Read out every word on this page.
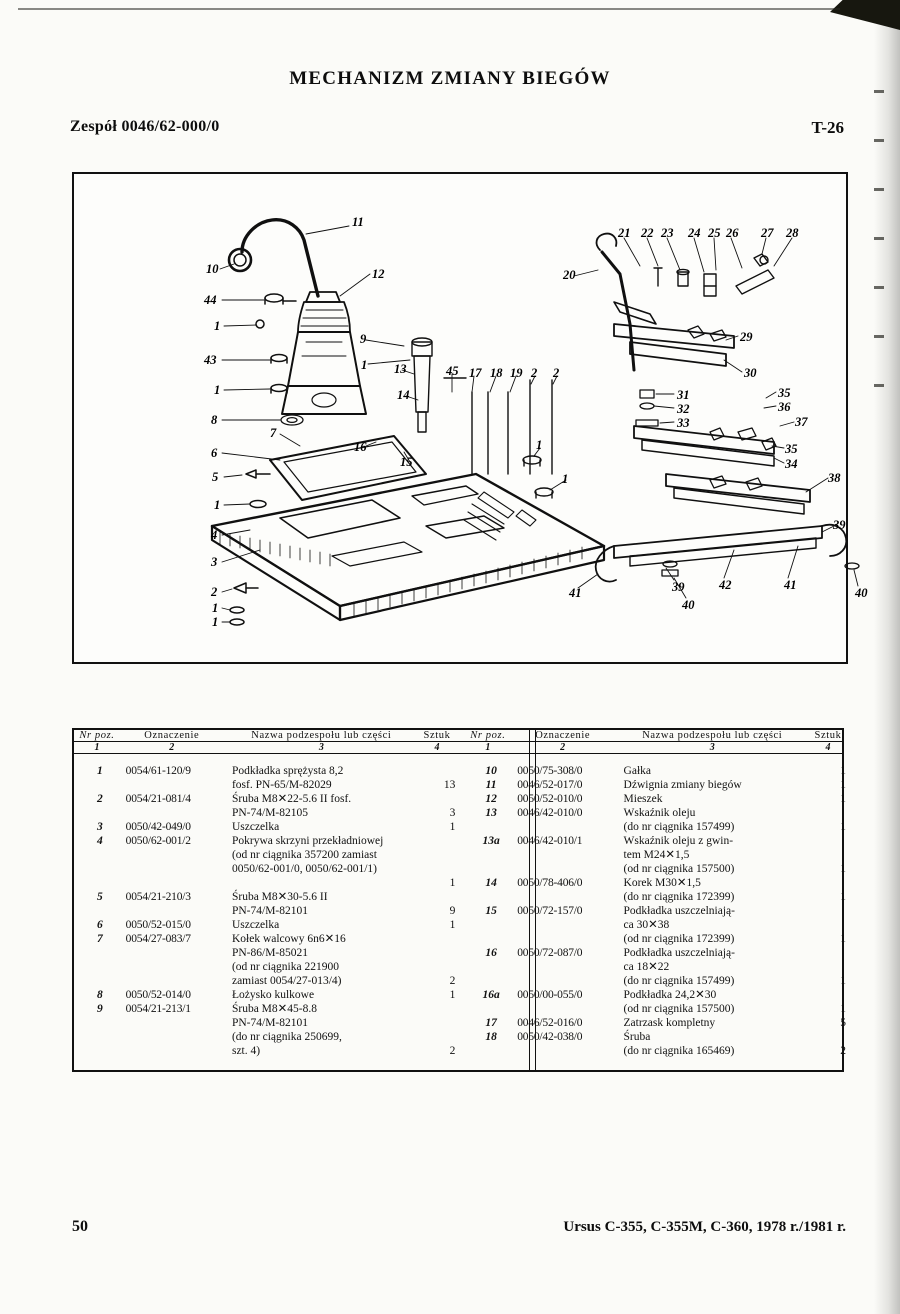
MECHANIZM ZMIANY BIEGÓW
Zespół 0046/62-000/0	T-26
11
10	12
44
1
43
1
8
6
5
1
4
3
2
1
1
7
16
15
9
1 13
14
45 17 18 19 2 2
1
1
20
21 22 23 24 25 26 27 28
29
30
31
32
33
35
36
37
35
34
38
39
39
40
41
42	41
40
Nr poz.	Oznaczenie	Nazwa podzespołu lub części	Sztuk		Nr poz.	Oznaczenie	Nazwa podzespołu lub części	Sztuk
1	2	3	4		1	2	3	4
1	0054/61-120/9	Podkładka sprężysta 8,2			10	0050/75-308/0	Gałka	1
		fosf. PN-65/M-82029	13		11	0046/52-017/0	Dźwignia zmiany biegów	1
2	0054/21-081/4	Śruba M8✕22-5.6 II fosf.			12	0050/52-010/0	Mieszek	1
		PN-74/M-82105	3		13	0046/42-010/0	Wskaźnik oleju	
3	0050/42-049/0	Uszczelka	1				(do nr ciągnika 157499)	1
4	0050/62-001/2	Pokrywa skrzyni przekładniowej			13a	0046/42-010/1	Wskaźnik oleju z gwin-	
		(od nr ciągnika 357200 zamiast					tem M24✕1,5	
		0050/62-001/0, 0050/62-001/1)					(od nr ciągnika 157500)	1
			1		14	0050/78-406/0	Korek M30✕1,5	
5	0054/21-210/3	Śruba M8✕30-5.6 II					(do nr ciągnika 172399)	1
		PN-74/M-82101	9		15	0050/72-157/0	Podkładka uszczelniają-	
6	0050/52-015/0	Uszczelka	1				ca 30✕38	
7	0054/27-083/7	Kołek walcowy 6n6✕16					(od nr ciągnika 172399)	1
		PN-86/M-85021			16	0050/72-087/0	Podkładka uszczelniają-	
		(od nr ciągnika 221900					ca 18✕22	
		zamiast 0054/27-013/4)	2				(do nr ciągnika 157499)	1
8	0050/52-014/0	Łożysko kulkowe	1		16a	0050/00-055/0	Podkładka 24,2✕30	
9	0054/21-213/1	Śruba M8✕45-8.8					(od nr ciągnika 157500)	1
		PN-74/M-82101			17	0046/52-016/0	Zatrzask kompletny	5
		(do nr ciągnika 250699,			18	0050/42-038/0	Śruba	
		szt. 4)	2				(do nr ciągnika 165469)	2
50	Ursus C-355, C-355M, C-360, 1978 r./1981 r.
